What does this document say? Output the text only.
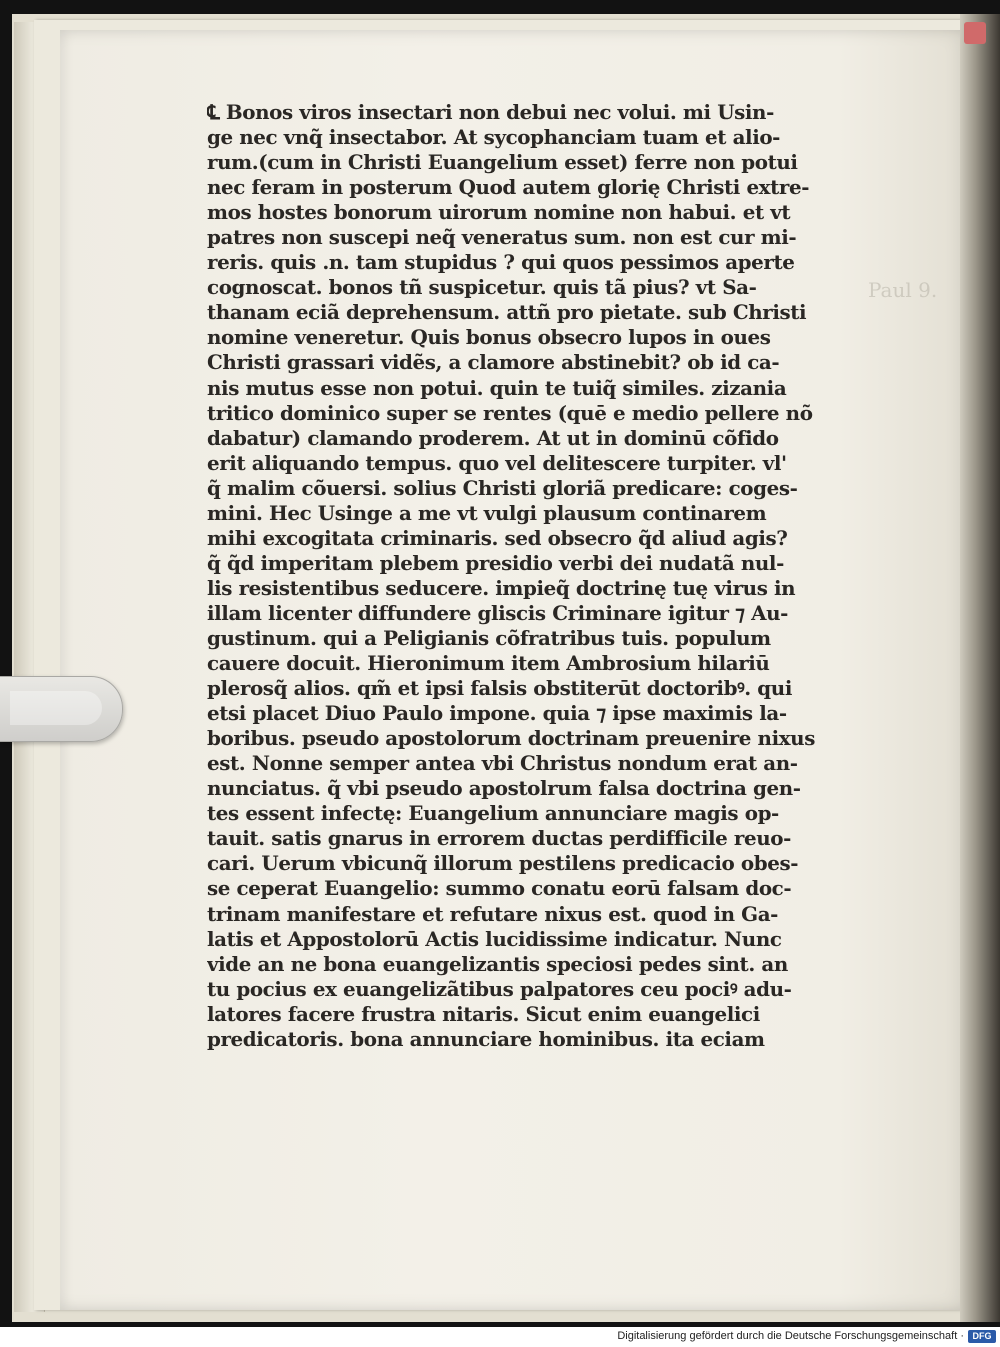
Paul 9.
℄ Bonos viros insectari non debui nec volui. mi Usin-
ge nec vnq̃ insectabor. At sycophanciam tuam et alio-
rum.(cum in Christi Euangelium esset) ferre non potui
nec feram in posterum Quod autem glorię Christi extre-
mos hostes bonorum uirorum nomine non habui. et vt
patres non suscepi neq̃ veneratus sum. non est cur mi-
reris. quis .n. tam stupidus ? qui quos pessimos aperte
cognoscat. bonos tñ suspicetur. quis tã pius? vt Sa-
thanam eciã deprehensum. attñ pro pietate. sub Christi
nomine veneretur. Quis bonus obsecro lupos in oues
Christi grassari vidẽs, a clamore abstinebit? ob id ca-
nis mutus esse non potui. quin te tuiq̃ similes. zizania
tritico dominico super se rentes (quē e medio pellere nõ
dabatur) clamando proderem. At ut in dominū cõfido
erit aliquando tempus. quo vel delitescere turpiter. vl'
q̃ malim cõuersi. solius Christi gloriã predicare: coges-
mini. Hec Usinge a me vt vulgi plausum continarem
mihi excogitata criminaris. sed obsecro q̃d aliud agis?
q̃ q̃d imperitam plebem presidio verbi dei nudatã nul-
lis resistentibus seducere. impieq̃ doctrinę tuę virus in
illam licenter diffundere gliscis Criminare igitur ⁊ Au-
gustinum. qui a Peligianis cõfratribus tuis. populum
cauere docuit. Hieronimum item Ambrosium hilariū
plerosq̃ alios. qm̃ et ipsi falsis obstiterūt doctoribꝰ. qui
etsi placet Diuo Paulo impone. quia ⁊ ipse maximis la-
boribus. pseudo apostolorum doctrinam preuenire nixus
est. Nonne semper antea vbi Christus nondum erat an-
nunciatus. q̃ vbi pseudo apostolrum falsa doctrina gen-
tes essent infectę: Euangelium annunciare magis op-
tauit. satis gnarus in errorem ductas perdifficile reuo-
cari. Uerum vbicunq̃ illorum pestilens predicacio obes-
se ceperat Euangelio: summo conatu eorū falsam doc-
trinam manifestare et refutare nixus est. quod in Ga-
latis et Appostolorū Actis lucidissime indicatur. Nunc
vide an ne bona euangelizantis speciosi pedes sint. an
tu pocius ex euangelizãtibus palpatores ceu pociꝰ adu-
latores facere frustra nitaris. Sicut enim euangelici
predicatoris. bona annunciare hominibus. ita eciam
Digitalisierung gefördert durch die Deutsche Forschungsgemeinschaft · DFG
